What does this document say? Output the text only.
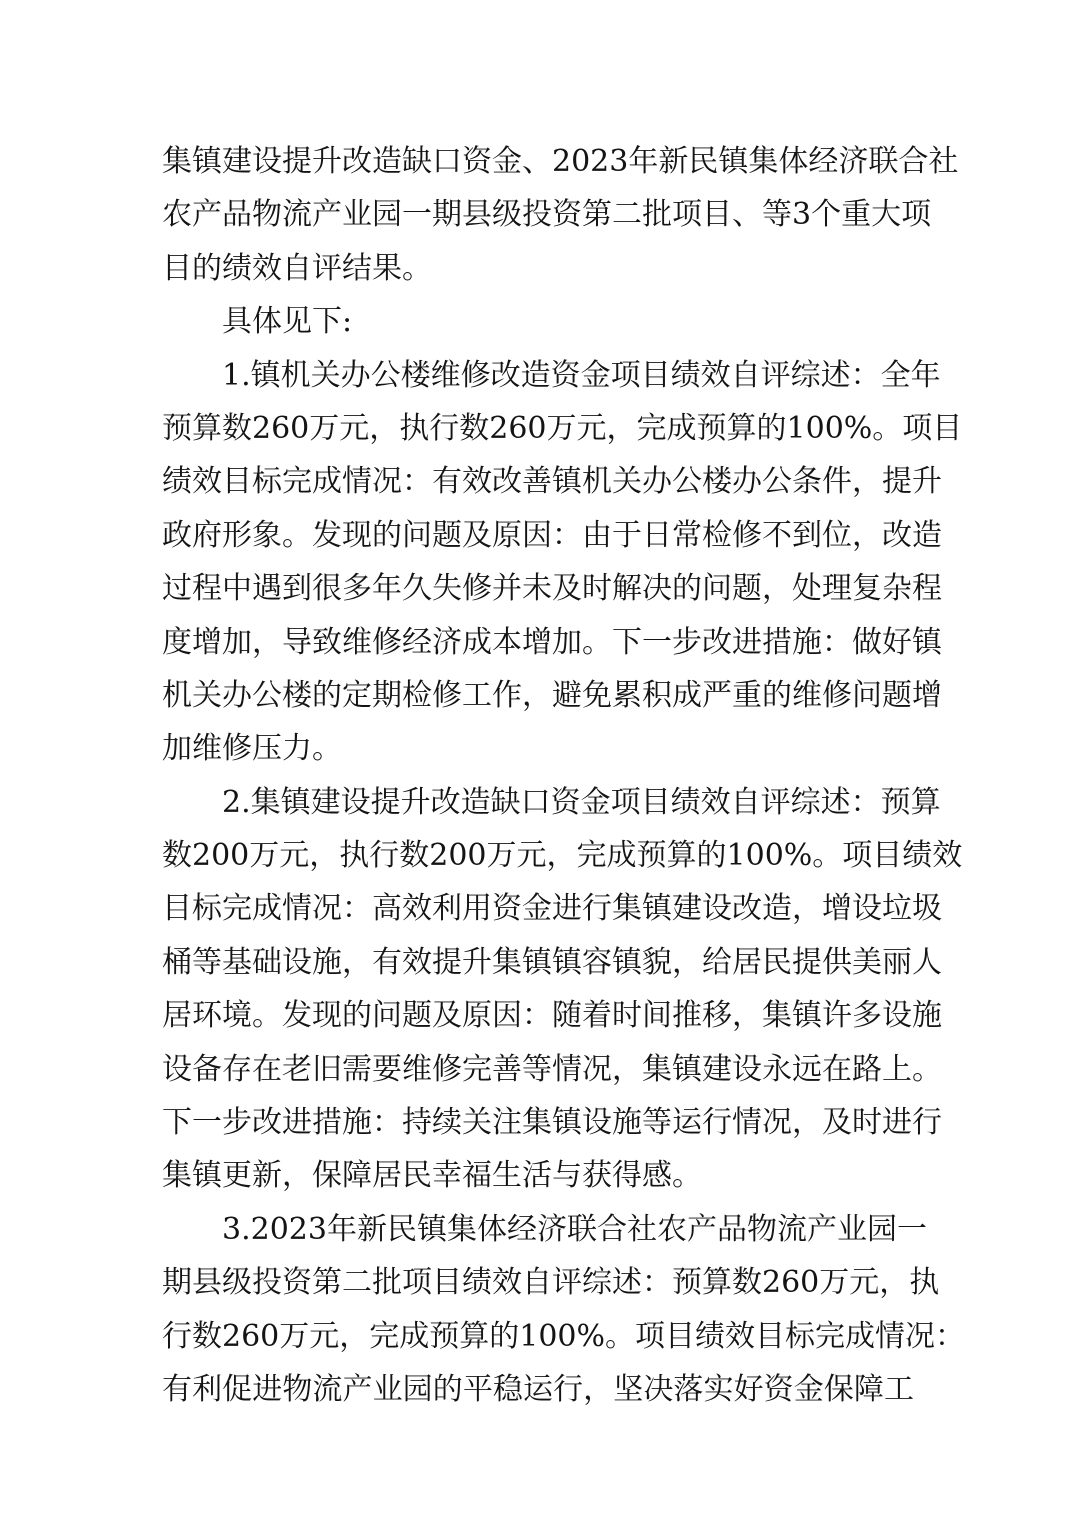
集镇建设提升改造缺口资金、2023年新民镇集体经济联合社
农产品物流产业园一期县级投资第二批项目、等3个重大项
目的绩效自评结果。
具体见下:
1.镇机关办公楼维修改造资金项目绩效自评综述：全年
预算数260万元，执行数260万元，完成预算的100%。项目
绩效目标完成情况：有效改善镇机关办公楼办公条件，提升
政府形象。发现的问题及原因：由于日常检修不到位，改造
过程中遇到很多年久失修并未及时解决的问题，处理复杂程
度增加，导致维修经济成本增加。下一步改进措施：做好镇
机关办公楼的定期检修工作，避免累积成严重的维修问题增
加维修压力。
2.集镇建设提升改造缺口资金项目绩效自评综述：预算
数200万元，执行数200万元，完成预算的100%。项目绩效
目标完成情况：高效利用资金进行集镇建设改造，增设垃圾
桶等基础设施，有效提升集镇镇容镇貌，给居民提供美丽人
居环境。发现的问题及原因：随着时间推移，集镇许多设施
设备存在老旧需要维修完善等情况，集镇建设永远在路上。
下一步改进措施：持续关注集镇设施等运行情况，及时进行
集镇更新，保障居民幸福生活与获得感。
3.2023年新民镇集体经济联合社农产品物流产业园一
期县级投资第二批项目绩效自评综述：预算数260万元，执
行数260万元，完成预算的100%。项目绩效目标完成情况：
有利促进物流产业园的平稳运行，坚决落实好资金保障工
